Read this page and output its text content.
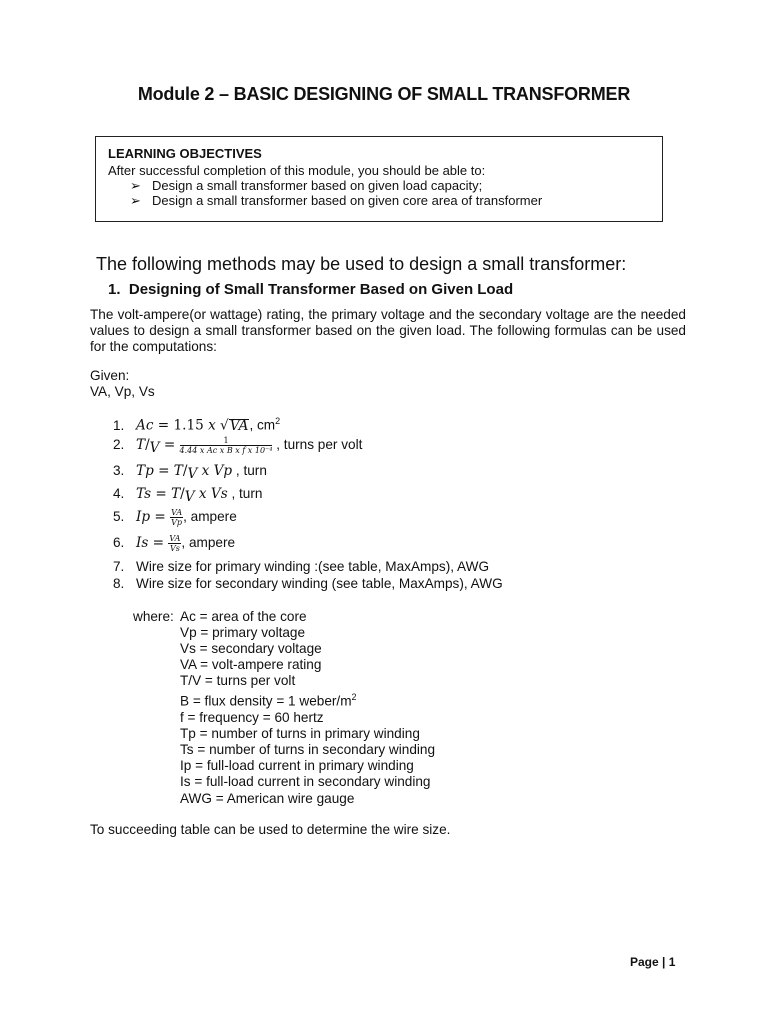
Module 2 – BASIC DESIGNING OF SMALL TRANSFORMER
LEARNING OBJECTIVES
After successful completion of this module, you should be able to:
➢ Design a small transformer based on given load capacity;
➢ Design a small transformer based on given core area of transformer
The following methods may be used to design a small transformer:
1. Designing of Small Transformer Based on Given Load
The volt-ampere(or wattage) rating, the primary voltage and the secondary voltage are the needed values to design a small transformer based on the given load. The following formulas can be used for the computations:
Given:
VA, Vp, Vs
1. Ac = 1.15 x √VA, $cm^2$
2. $T/V = \frac{1}{\text{4.44 x Ac x B x f x 10⁻⁴}}$ , turns per volt
3. Tp = T/V x Vp , turn
4. Ts = T/V x Vs , turn
5. $Ip = \frac{VA}{Vp}$ , ampere
6. $Is = \frac{VA}{Vs}$ , ampere
7. Wire size for primary winding :(see table, MaxAmps), AWG
8. Wire size for secondary winding (see table, MaxAmps), AWG
where: Ac = area of the core
Vp = primary voltage
Vs = secondary voltage
VA = volt-ampere rating
T/V = turns per volt
B = flux density = 1 weber/$m^2$
f = frequency = 60 hertz
Tp = number of turns in primary winding
Ts = number of turns in secondary winding
Ip = full-load current in primary winding
Is = full-load current in secondary winding
AWG = American wire gauge
To succeeding table can be used to determine the wire size.
Page | 1
